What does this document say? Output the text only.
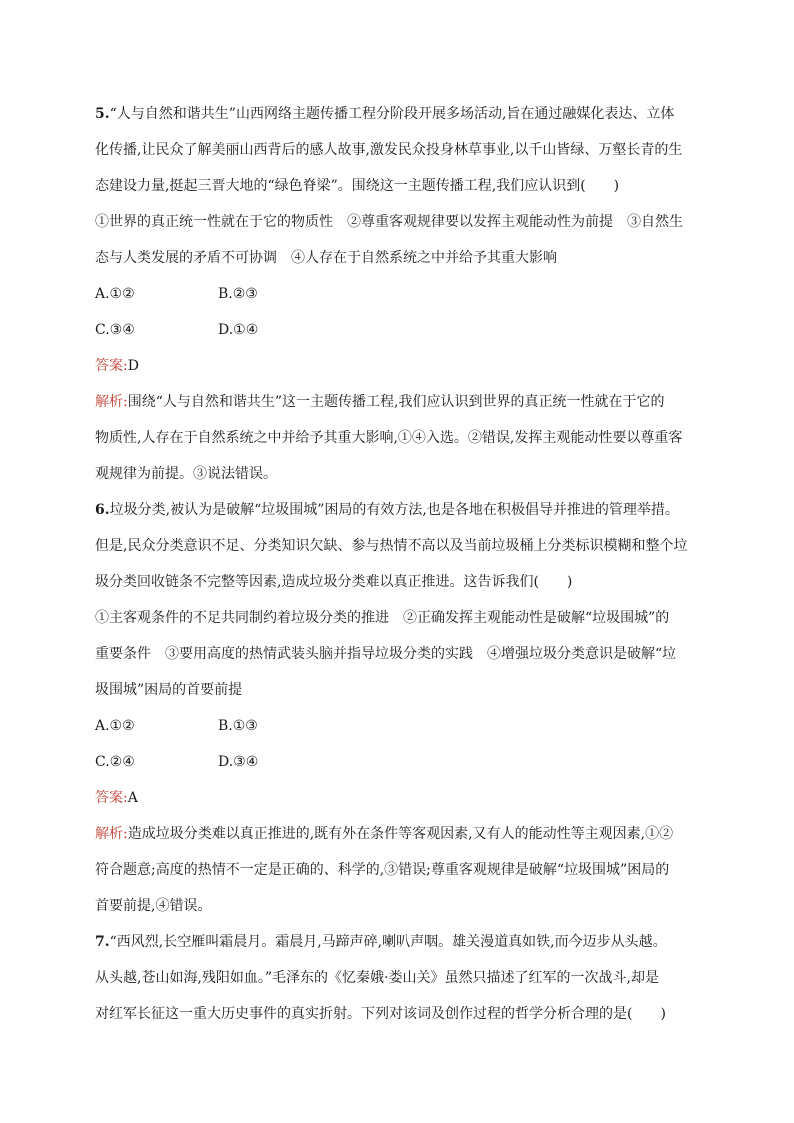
5.“人与自然和谐共生”山西网络主题传播工程分阶段开展多场活动,旨在通过融媒化表达、立体
化传播,让民众了解美丽山西背后的感人故事,激发民众投身林草事业,以千山皆绿、万壑长青的生
态建设力量,挺起三晋大地的“绿色脊梁”。围绕这一主题传播工程,我们应认识到(　　)
①世界的真正统一性就在于它的物质性　②尊重客观规律要以发挥主观能动性为前提　③自然生
态与人类发展的矛盾不可协调　④人存在于自然系统之中并给予其重大影响
A.①②	B.②③
C.③④	D.①④
答案:D
解析:围绕“人与自然和谐共生”这一主题传播工程,我们应认识到世界的真正统一性就在于它的
物质性,人存在于自然系统之中并给予其重大影响,①④入选。②错误,发挥主观能动性要以尊重客
观规律为前提。③说法错误。
6.垃圾分类,被认为是破解“垃圾围城”困局的有效方法,也是各地在积极倡导并推进的管理举措。
但是,民众分类意识不足、分类知识欠缺、参与热情不高以及当前垃圾桶上分类标识模糊和整个垃
圾分类回收链条不完整等因素,造成垃圾分类难以真正推进。这告诉我们(　　)
①主客观条件的不足共同制约着垃圾分类的推进　②正确发挥主观能动性是破解“垃圾围城”的
重要条件　③要用高度的热情武装头脑并指导垃圾分类的实践　④增强垃圾分类意识是破解“垃
圾围城”困局的首要前提
A.①②	B.①③
C.②④	D.③④
答案:A
解析:造成垃圾分类难以真正推进的,既有外在条件等客观因素,又有人的能动性等主观因素,①②
符合题意;高度的热情不一定是正确的、科学的,③错误;尊重客观规律是破解“垃圾围城”困局的
首要前提,④错误。
7.“西风烈,长空雁叫霜晨月。霜晨月,马蹄声碎,喇叭声咽。雄关漫道真如铁,而今迈步从头越。
从头越,苍山如海,残阳如血。”毛泽东的《忆秦娥·娄山关》虽然只描述了红军的一次战斗,却是
对红军长征这一重大历史事件的真实折射。下列对该词及创作过程的哲学分析合理的是(　　)
